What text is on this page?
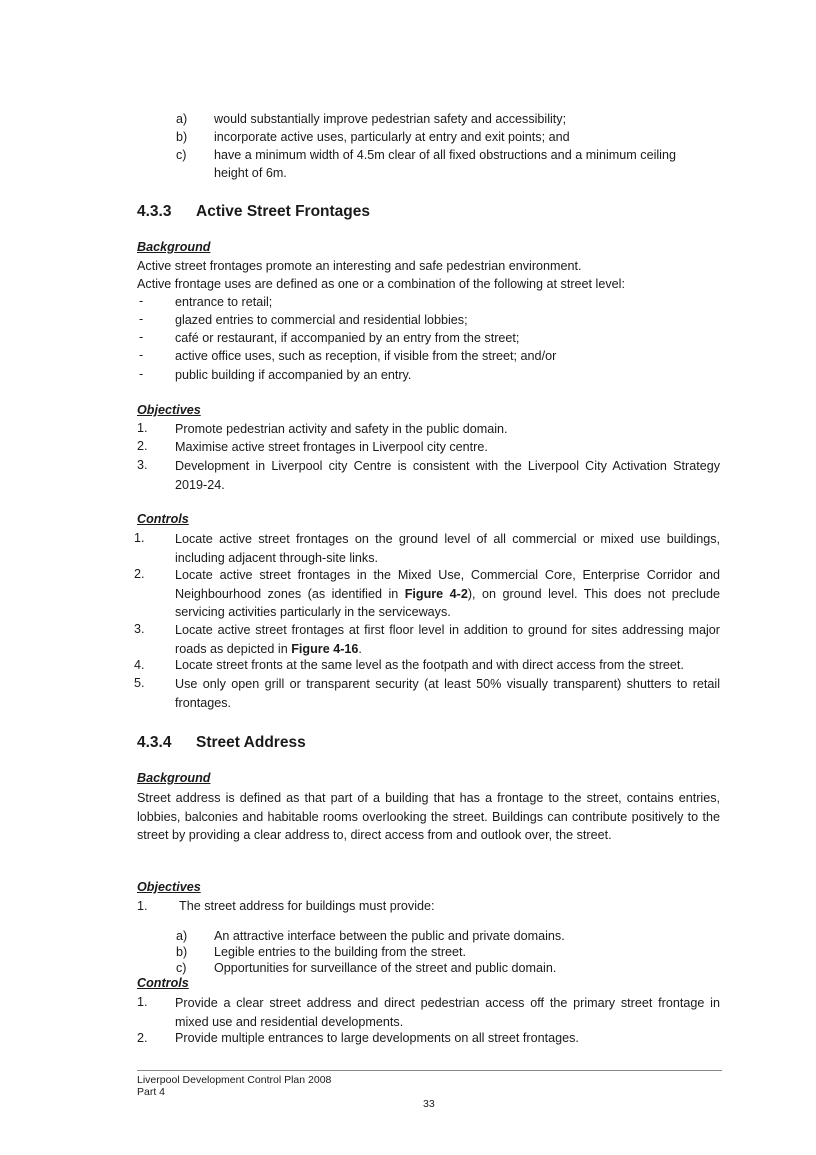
a) would substantially improve pedestrian safety and accessibility;
b) incorporate active uses, particularly at entry and exit points; and
c) have a minimum width of 4.5m clear of all fixed obstructions and a minimum ceiling
height of 6m.
4.3.3 Active Street Frontages
Background
Active street frontages promote an interesting and safe pedestrian environment.
Active frontage uses are defined as one or a combination of the following at street level:
-	entrance to retail;
-	glazed entries to commercial and residential lobbies;
-	café or restaurant, if accompanied by an entry from the street;
-	active office uses, such as reception, if visible from the street; and/or
-	public building if accompanied by an entry.
Objectives
1. Promote pedestrian activity and safety in the public domain.
2. Maximise active street frontages in Liverpool city centre.
3. Development in Liverpool city Centre is consistent with the Liverpool City Activation Strategy 2019-24.
Controls
1. Locate active street frontages on the ground level of all commercial or mixed use buildings, including adjacent through-site links.
2. Locate active street frontages in the Mixed Use, Commercial Core, Enterprise Corridor and Neighbourhood zones (as identified in Figure 4-2), on ground level. This does not preclude servicing activities particularly in the serviceways.
3. Locate active street frontages at first floor level in addition to ground for sites addressing major roads as depicted in Figure 4-16.
4. Locate street fronts at the same level as the footpath and with direct access from the street.
5. Use only open grill or transparent security (at least 50% visually transparent) shutters to retail frontages.
4.3.4 Street Address
Background
Street address is defined as that part of a building that has a frontage to the street, contains entries, lobbies, balconies and habitable rooms overlooking the street. Buildings can contribute positively to the street by providing a clear address to, direct access from and outlook over, the street.
Objectives
1. The street address for buildings must provide:
a) An attractive interface between the public and private domains.
b) Legible entries to the building from the street.
c) Opportunities for surveillance of the street and public domain.
Controls
1. Provide a clear street address and direct pedestrian access off the primary street frontage in mixed use and residential developments.
2. Provide multiple entrances to large developments on all street frontages.
Liverpool Development Control Plan 2008
Part 4
33
